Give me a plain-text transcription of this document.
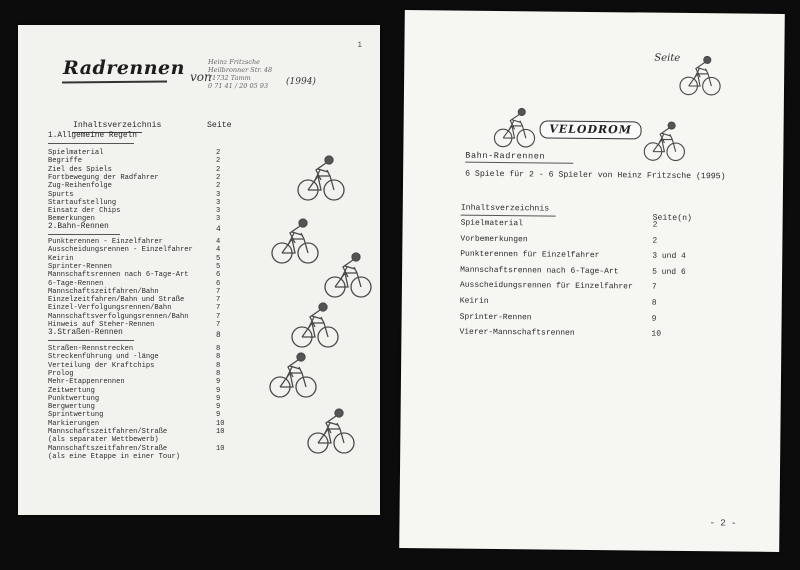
1
Radrennen von
Heinz Fritzsche
Heilbronner Str. 48
71732 Tamm
0 71 41 / 20 05 93	(1994)
Inhaltsverzeichnis	Seite
1.Allgemeine Regeln
Spielmaterial	2
Begriffe	2
Ziel des Spiels	2
Fortbewegung der Radfahrer	2
Zug-Reihenfolge	2
Spurts	3
Startaufstellung	3
Einsatz der Chips	3
Bemerkungen	3
2.Bahn-Rennen	4
Punkterennen - Einzelfahrer	4
Ausscheidungsrennen - Einzelfahrer	4
Keirin	5
Sprinter-Rennen	5
Mannschaftsrennen nach 6-Tage-Art	6
6-Tage-Rennen	6
Mannschaftszeitfahren/Bahn	7
Einzelzeitfahren/Bahn und Straße	7
Einzel-Verfolgungsrennen/Bahn	7
Mannschaftsverfolgungsrennen/Bahn	7
Hinweis auf Steher-Rennen	7
3.Straßen-Rennen	8
Straßen-Rennstrecken	8
Streckenführung und -länge	8
Verteilung der Kraftchips	8
Prolog	8
Mehr-Etappenrennen	9
Zeitwertung	9
Punktwertung	9
Bergwertung	9
Sprintwertung	9
Markierungen	10
Mannschaftszeitfahren/Straße	10
(als separater Wettbewerb)
Mannschaftszeitfahren/Straße	10
(als eine Etappe in einer Tour)
Seite
VELODROM
Bahn-Radrennen
6 Spiele für 2 - 6 Spieler von Heinz Fritzsche (1995)
Inhaltsverzeichnis
Seite(n)
Spielmaterial	2
Vorbemerkungen	2
Punkterennen für Einzelfahrer	3 und 4
Mannschaftsrennen nach 6-Tage-Art	5 und 6
Ausscheidungsrennen für Einzelfahrer 7
Keirin	8
Sprinter-Rennen	9
Vierer-Mannschaftsrennen	10
- 2 -
